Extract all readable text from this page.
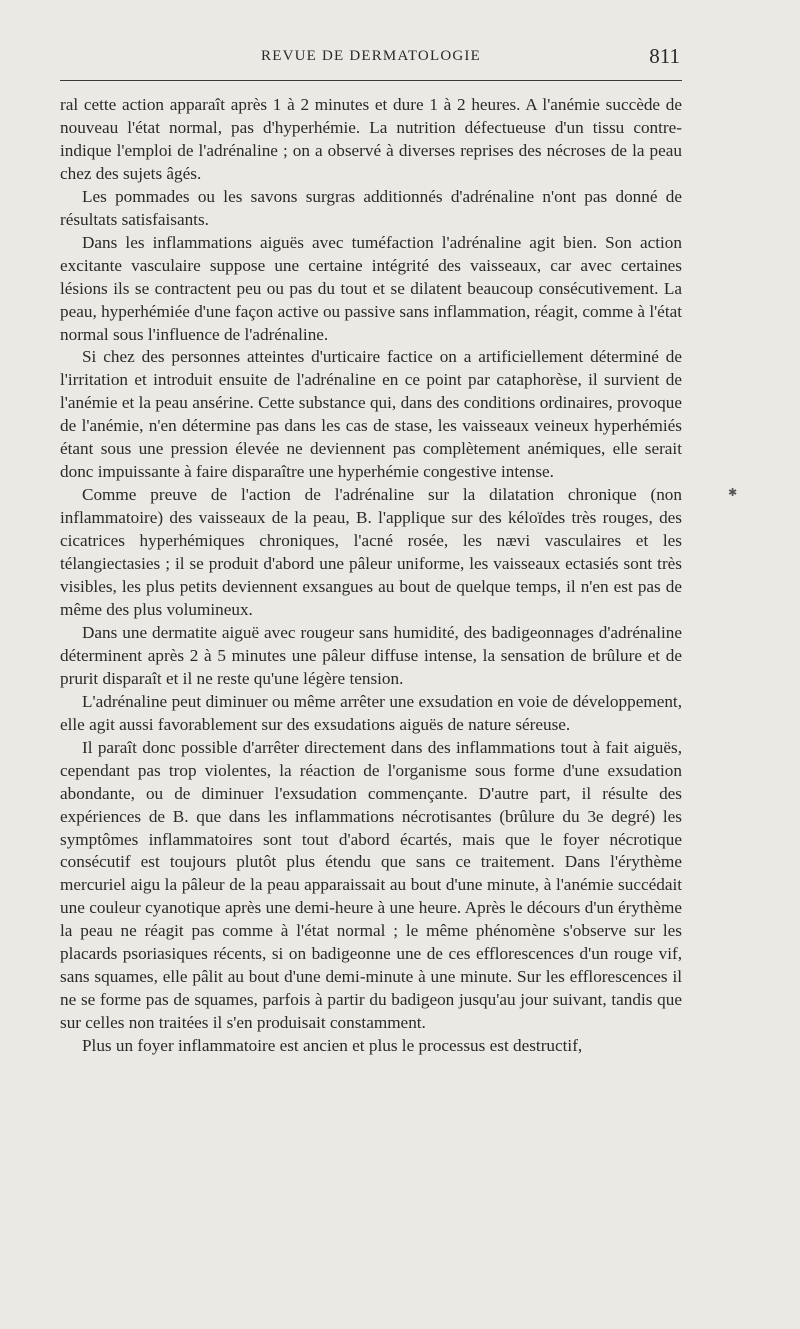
REVUE DE DERMATOLOGIE	811

ral cette action apparaît après 1 à 2 minutes et dure 1 à 2 heures. A l'anémie succède de nouveau l'état normal, pas d'hyperhémie. La nutrition défectueuse d'un tissu contre-indique l'emploi de l'adrénaline ; on a observé à diverses reprises des nécroses de la peau chez des sujets âgés.

Les pommades ou les savons surgras additionnés d'adrénaline n'ont pas donné de résultats satisfaisants.

Dans les inflammations aiguës avec tuméfaction l'adrénaline agit bien. Son action excitante vasculaire suppose une certaine intégrité des vaisseaux, car avec certaines lésions ils se contractent peu ou pas du tout et se dilatent beaucoup consécutivement. La peau, hyperhémiée d'une façon active ou passive sans inflammation, réagit, comme à l'état normal sous l'influence de l'adrénaline.

Si chez des personnes atteintes d'urticaire factice on a artificiellement déterminé de l'irritation et introduit ensuite de l'adrénaline en ce point par cataphorèse, il survient de l'anémie et la peau ansérine. Cette substance qui, dans des conditions ordinaires, provoque de l'anémie, n'en détermine pas dans les cas de stase, les vaisseaux veineux hyperhémiés étant sous une pression élevée ne deviennent pas complètement anémiques, elle serait donc impuissante à faire disparaître une hyperhémie congestive intense.

Comme preuve de l'action de l'adrénaline sur la dilatation chronique (non inflammatoire) des vaisseaux de la peau, B. l'applique sur des kéloïdes très rouges, des cicatrices hyperhémiques chroniques, l'acné rosée, les nævi vasculaires et les télangiectasies ; il se produit d'abord une pâleur uniforme, les vaisseaux ectasiés sont très visibles, les plus petits deviennent exsangues au bout de quelque temps, il n'en est pas de même des plus volumineux.

Dans une dermatite aiguë avec rougeur sans humidité, des badigeonnages d'adrénaline déterminent après 2 à 5 minutes une pâleur diffuse intense, la sensation de brûlure et de prurit disparaît et il ne reste qu'une légère tension.

L'adrénaline peut diminuer ou même arrêter une exsudation en voie de développement, elle agit aussi favorablement sur des exsudations aiguës de nature séreuse.

Il paraît donc possible d'arrêter directement dans des inflammations tout à fait aiguës, cependant pas trop violentes, la réaction de l'organisme sous forme d'une exsudation abondante, ou de diminuer l'exsudation commençante. D'autre part, il résulte des expériences de B. que dans les inflammations nécrotisantes (brûlure du 3e degré) les symptômes inflammatoires sont tout d'abord écartés, mais que le foyer nécrotique consécutif est toujours plutôt plus étendu que sans ce traitement. Dans l'érythème mercuriel aigu la pâleur de la peau apparaissait au bout d'une minute, à l'anémie succédait une couleur cyanotique après une demi-heure à une heure. Après le décours d'un érythème la peau ne réagit pas comme à l'état normal ; le même phénomène s'observe sur les placards psoriasiques récents, si on badigeonne une de ces efflorescences d'un rouge vif, sans squames, elle pâlit au bout d'une demi-minute à une minute. Sur les efflorescences il ne se forme pas de squames, parfois à partir du badigeon jusqu'au jour suivant, tandis que sur celles non traitées il s'en produisait constamment.

Plus un foyer inflammatoire est ancien et plus le processus est destructif,

✱
